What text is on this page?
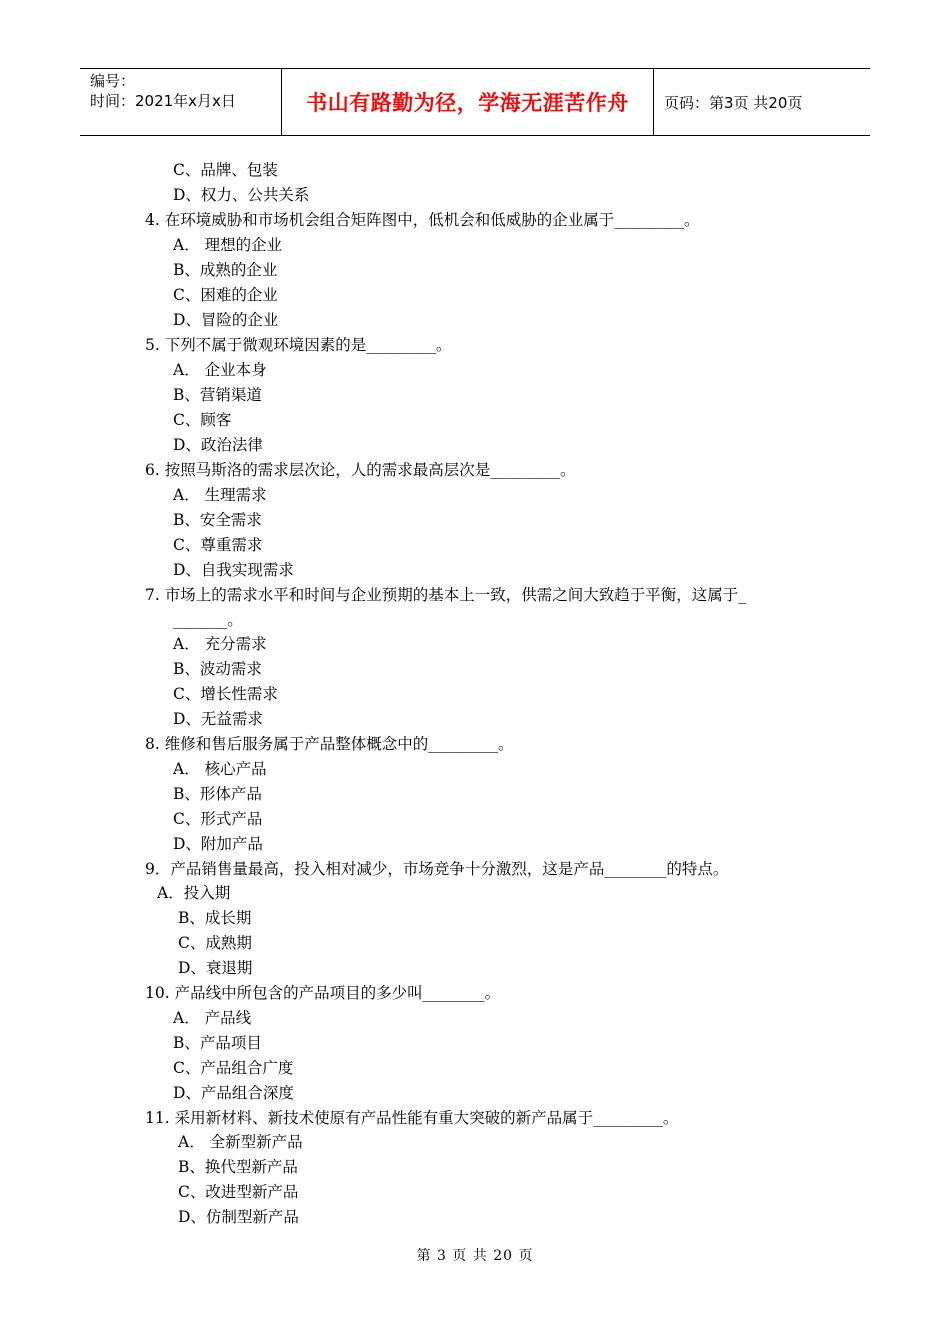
编号：
时间：2021年x月x日	书山有路勤为径，学海无涯苦作舟	页码：第3页 共20页
C、品牌、包装
D、权力、公共关系
4. 在环境威胁和市场机会组合矩阵图中，低机会和低威胁的企业属于_________。
A． 理想的企业
B、成熟的企业
C、困难的企业
D、冒险的企业
5. 下列不属于微观环境因素的是_________。
A． 企业本身
B、营销渠道
C、顾客
D、政治法律
6. 按照马斯洛的需求层次论，人的需求最高层次是_________。
A． 生理需求
B、安全需求
C、尊重需求
D、自我实现需求
7. 市场上的需求水平和时间与企业预期的基本上一致，供需之间大致趋于平衡，这属于_
_______。
A． 充分需求
B、波动需求
C、增长性需求
D、无益需求
8. 维修和售后服务属于产品整体概念中的_________。
A． 核心产品
B、形体产品
C、形式产品
D、附加产品
9．产品销售量最高，投入相对减少，市场竞争十分激烈，这是产品________的特点。
A．投入期
B、成长期
C、成熟期
D、衰退期
10. 产品线中所包含的产品项目的多少叫________。
A． 产品线
B、产品项目
C、产品组合广度
D、产品组合深度
11. 采用新材料、新技术使原有产品性能有重大突破的新产品属于_________。
A． 全新型新产品
B、换代型新产品
C、改进型新产品
D、仿制型新产品
第 3 页 共 20 页
